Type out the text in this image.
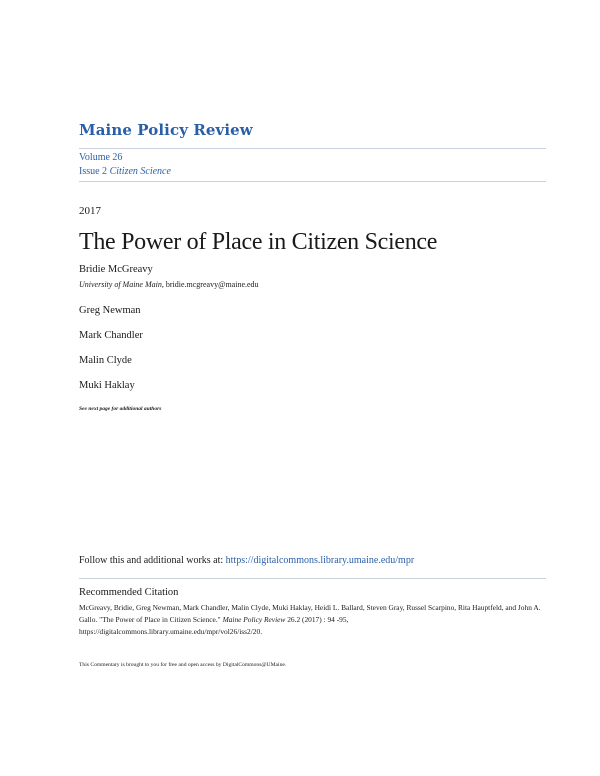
Maine Policy Review
Volume 26
Issue 2 Citizen Science
2017
The Power of Place in Citizen Science
Bridie McGreavy
University of Maine Main, bridie.mcgreavy@maine.edu
Greg Newman
Mark Chandler
Malin Clyde
Muki Haklay
See next page for additional authors
Follow this and additional works at: https://digitalcommons.library.umaine.edu/mpr
Recommended Citation
McGreavy, Bridie, Greg Newman, Mark Chandler, Malin Clyde, Muki Haklay, Heidi L. Ballard, Steven Gray, Russel Scarpino, Rita Hauptfeld, and John A. Gallo. "The Power of Place in Citizen Science." Maine Policy Review 26.2 (2017) : 94 -95,
https://digitalcommons.library.umaine.edu/mpr/vol26/iss2/20.
This Commentary is brought to you for free and open access by DigitalCommons@UMaine.
